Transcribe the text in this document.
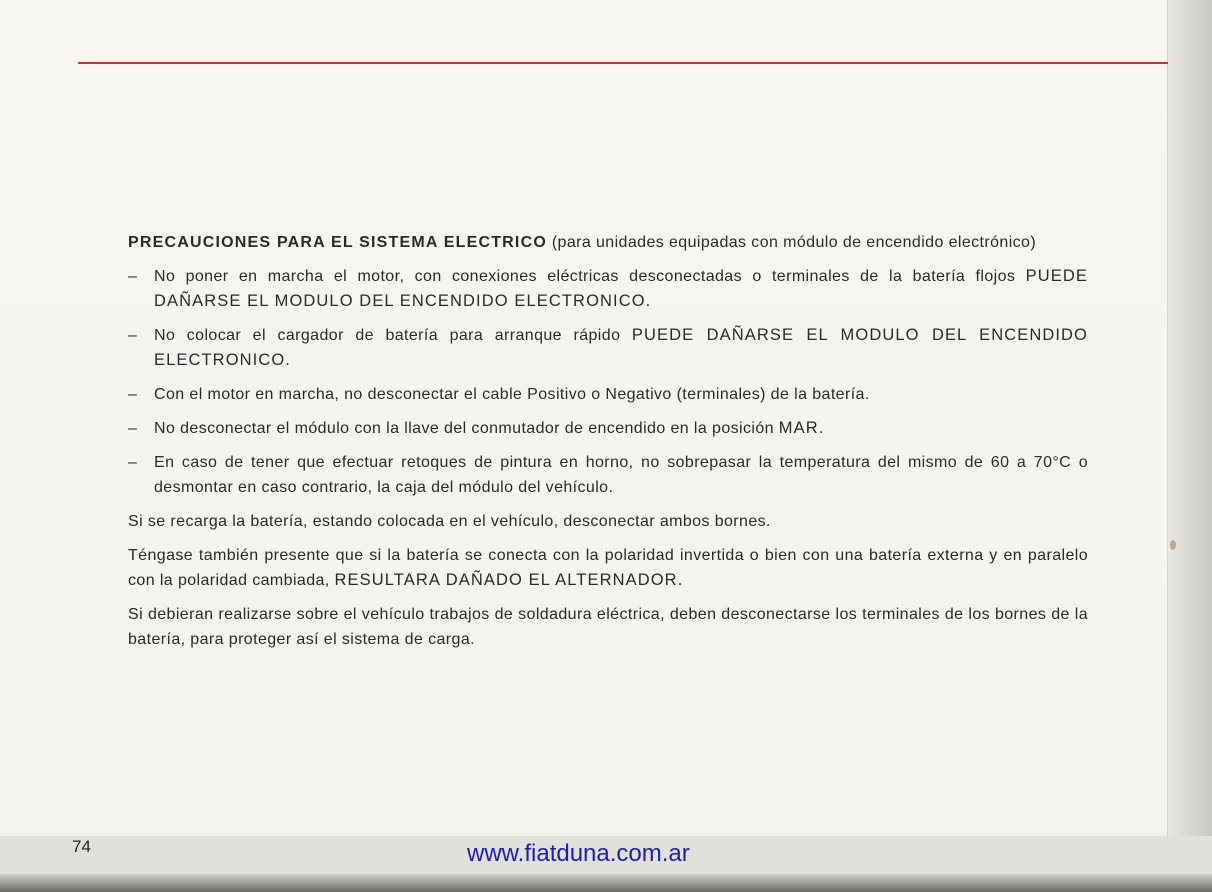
PRECAUCIONES PARA EL SISTEMA ELECTRICO (para unidades equipadas con módulo de encendido electrónico)

– No poner en marcha el motor, con conexiones eléctricas desconectadas o terminales de la batería flojos PUEDE DAÑARSE EL MODULO DEL ENCENDIDO ELECTRONICO.
– No colocar el cargador de batería para arranque rápido PUEDE DAÑARSE EL MODULO DEL ENCENDIDO ELECTRONICO.
– Con el motor en marcha, no desconectar el cable Positivo o Negativo (terminales) de la batería.
– No desconectar el módulo con la llave del conmutador de encendido en la posición MAR.
– En caso de tener que efectuar retoques de pintura en horno, no sobrepasar la temperatura del mismo de 60 a 70°C o desmontar en caso contrario, la caja del módulo del vehículo.

Si se recarga la batería, estando colocada en el vehículo, desconectar ambos bornes.

Téngase también presente que si la batería se conecta con la polaridad invertida o bien con una batería externa y en paralelo con la polaridad cambiada, RESULTARA DAÑADO EL ALTERNADOR.

Si debieran realizarse sobre el vehículo trabajos de soldadura eléctrica, deben desconectarse los terminales de los bornes de la batería, para proteger así el sistema de carga.

74	www.fiatduna.com.ar
